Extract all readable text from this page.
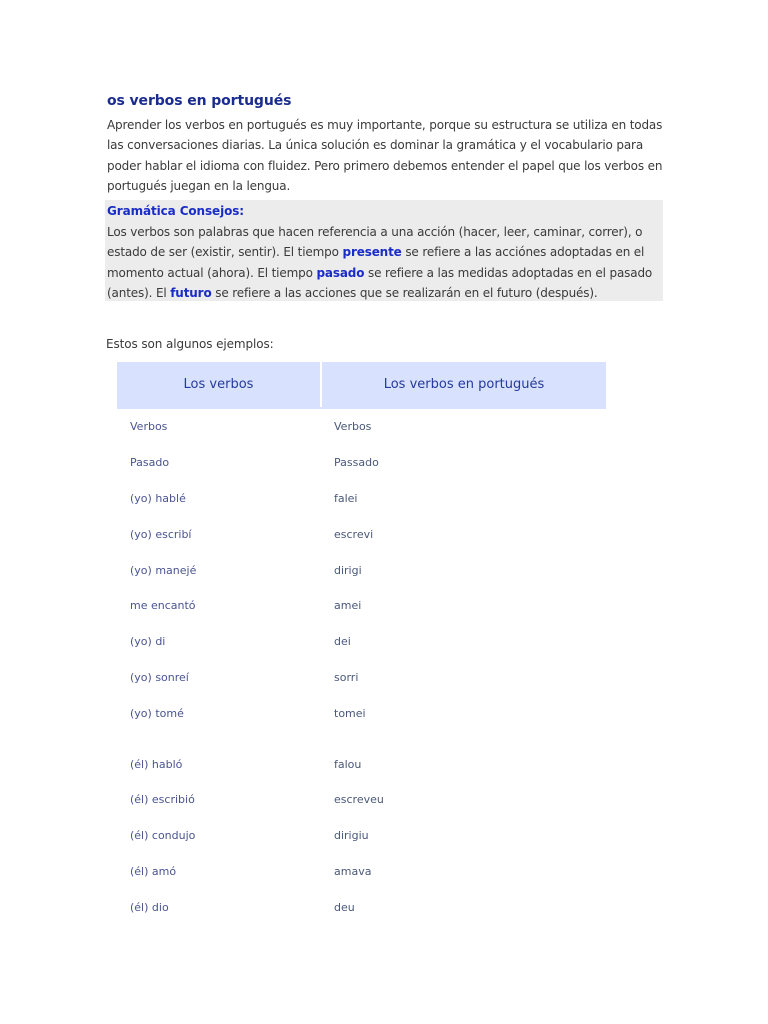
os verbos en portugués

Aprender los verbos en portugués es muy importante, porque su estructura se utiliza en todas las conversaciones diarias. La única solución es dominar la gramática y el vocabulario para poder hablar el idioma con fluidez. Pero primero debemos entender el papel que los verbos en portugués juegan en la lengua.

Gramática Consejos:

Los verbos son palabras que hacen referencia a una acción (hacer, leer, caminar, correr), o estado de ser (existir, sentir). El tiempo presente se refiere a las acciónes adoptadas en el momento actual (ahora). El tiempo pasado se refiere a las medidas adoptadas en el pasado (antes). El futuro se refiere a las acciones que se realizarán en el futuro (después).

Estos son algunos ejemplos:
Los verbos	Los verbos en portugués

Verbos	Verbos
Pasado	Passado
(yo) hablé	falei
(yo) escribí	escrevi
(yo) manejé	dirigi
me encantó	amei
(yo) di	dei
(yo) sonreí	sorri
(yo) tomé	tomei

(él) habló	falou
(él) escribió	escreveu
(él) condujo	dirigiu
(él) amó	amava
(él) dio	deu
